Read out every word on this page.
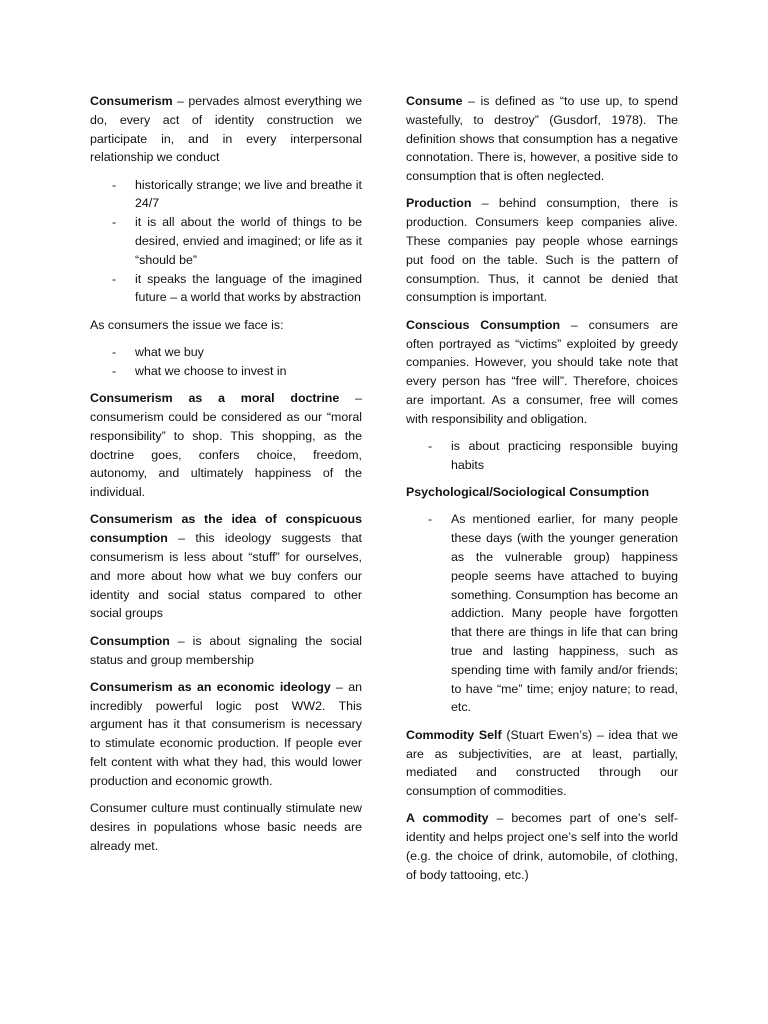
Consumerism – pervades almost everything we do, every act of identity construction we participate in, and in every interpersonal relationship we conduct

- historically strange; we live and breathe it 24/7
- it is all about the world of things to be desired, envied and imagined; or life as it “should be”
- it speaks the language of the imagined future – a world that works by abstraction

As consumers the issue we face is:

- what we buy
- what we choose to invest in

Consumerism as a moral doctrine – consumerism could be considered as our “moral responsibility” to shop. This shopping, as the doctrine goes, confers choice, freedom, autonomy, and ultimately happiness of the individual.

Consumerism as the idea of conspicuous consumption – this ideology suggests that consumerism is less about “stuff” for ourselves, and more about how what we buy confers our identity and social status compared to other social groups

Consumption – is about signaling the social status and group membership

Consumerism as an economic ideology – an incredibly powerful logic post WW2. This argument has it that consumerism is necessary to stimulate economic production. If people ever felt content with what they had, this would lower production and economic growth.

Consumer culture must continually stimulate new desires in populations whose basic needs are already met.

Consume – is defined as “to use up, to spend wastefully, to destroy” (Gusdorf, 1978). The definition shows that consumption has a negative connotation. There is, however, a positive side to consumption that is often neglected.

Production – behind consumption, there is production. Consumers keep companies alive. These companies pay people whose earnings put food on the table. Such is the pattern of consumption. Thus, it cannot be denied that consumption is important.

Conscious Consumption – consumers are often portrayed as “victims” exploited by greedy companies. However, you should take note that every person has “free will”. Therefore, choices are important. As a consumer, free will comes with responsibility and obligation.

- is about practicing responsible buying habits

Psychological/Sociological Consumption

- As mentioned earlier, for many people these days (with the younger generation as the vulnerable group) happiness people seems have attached to buying something. Consumption has become an addiction. Many people have forgotten that there are things in life that can bring true and lasting happiness, such as spending time with family and/or friends; to have “me” time; enjoy nature; to read, etc.

Commodity Self (Stuart Ewen’s) – idea that we are as subjectivities, are at least, partially, mediated and constructed through our consumption of commodities.

A commodity – becomes part of one’s self-identity and helps project one’s self into the world (e.g. the choice of drink, automobile, of clothing, of body tattooing, etc.)
